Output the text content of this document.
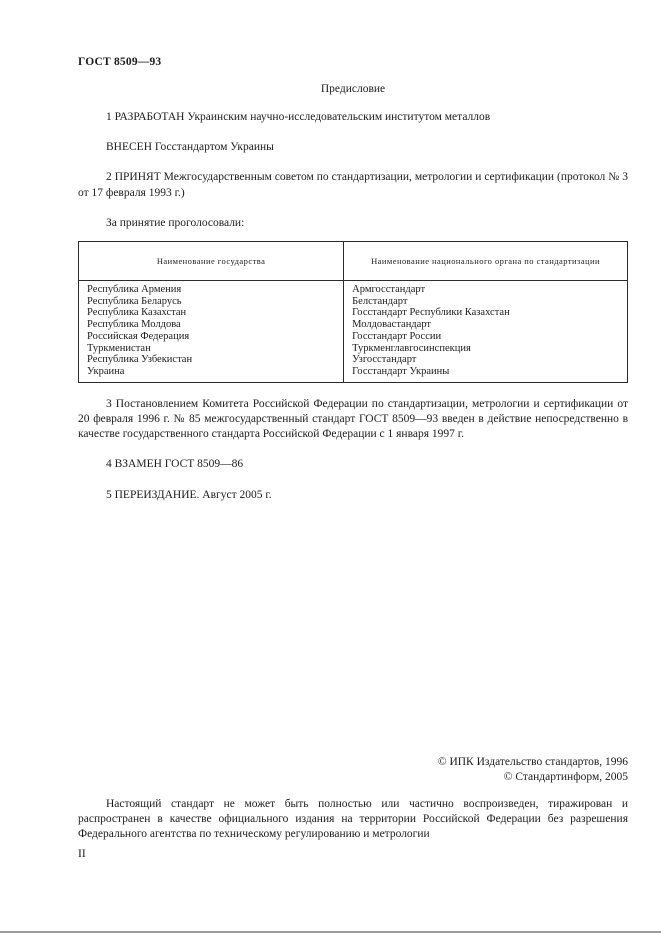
ГОСТ 8509—93
Предисловие
1 РАЗРАБОТАН Украинским научно-исследовательским институтом металлов
ВНЕСЕН Госстандартом Украины
2 ПРИНЯТ Межгосударственным советом по стандартизации, метрологии и сертификации (протокол № 3 от 17 февраля 1993 г.)
За принятие проголосовали:
Наименование государства	Наименование национального органа по стандартизации
Республика Армения	Армгосстандарт
Республика Беларусь	Белстандарт
Республика Казахстан	Госстандарт Республики Казахстан
Республика Молдова	Молдовастандарт
Российская Федерация	Госстандарт России
Туркменистан	Туркменглавгосинспекция
Республика Узбекистан	Узгосстандарт
Украина	Госстандарт Украины
3 Постановлением Комитета Российской Федерации по стандартизации, метрологии и сертификации от 20 февраля 1996 г. № 85 межгосударственный стандарт ГОСТ 8509—93 введен в действие непосредственно в качестве государственного стандарта Российской Федерации с 1 января 1997 г.
4 ВЗАМЕН ГОСТ 8509—86
5 ПЕРЕИЗДАНИЕ. Август 2005 г.
© ИПК Издательство стандартов, 1996
© Стандартинформ, 2005
Настоящий стандарт не может быть полностью или частично воспроизведен, тиражирован и распространен в качестве официального издания на территории Российской Федерации без разрешения Федерального агентства по техническому регулированию и метрологии
II
